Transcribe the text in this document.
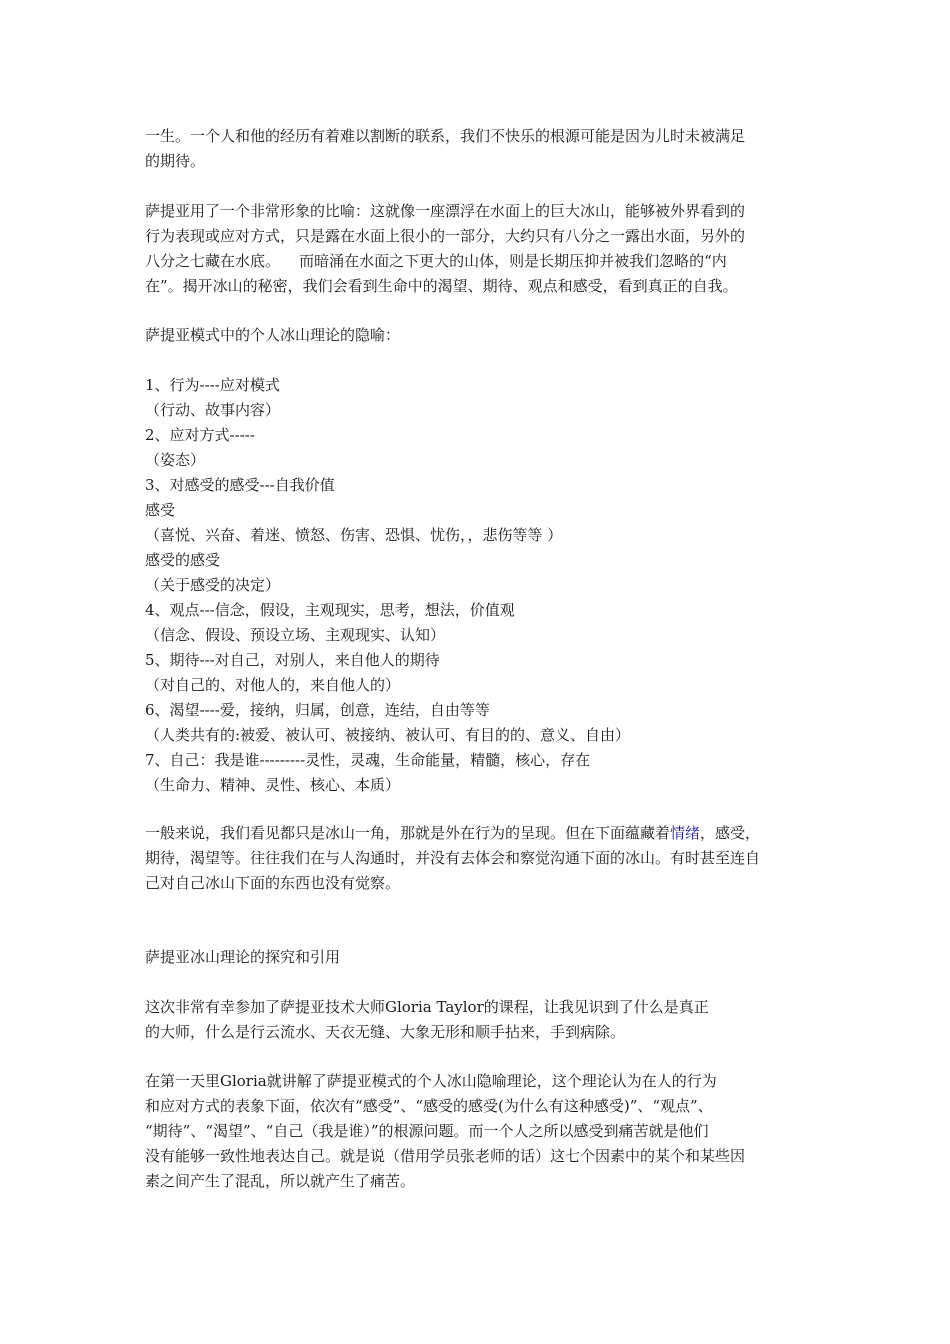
一生。一个人和他的经历有着难以割断的联系，我们不快乐的根源可能是因为儿时未被满足
的期待。
萨提亚用了一个非常形象的比喻：这就像一座漂浮在水面上的巨大冰山，能够被外界看到的
行为表现或应对方式，只是露在水面上很小的一部分，大约只有八分之一露出水面，另外的
八分之七藏在水底。    而暗涌在水面之下更大的山体，则是长期压抑并被我们忽略的“内
在”。揭开冰山的秘密，我们会看到生命中的渴望、期待、观点和感受，看到真正的自我。
萨提亚模式中的个人冰山理论的隐喻：
1、行为----应对模式
（行动、故事内容）
2、应对方式-----
（姿态）
3、对感受的感受---自我价值
感受
（喜悦、兴奋、着迷、愤怒、伤害、恐惧、忧伤，，悲伤等等 ）
感受的感受
（关于感受的决定）
4、观点---信念，假设，主观现实，思考，想法，价值观
（信念、假设、预设立场、主观现实、认知）
5、期待---对自己，对别人，来自他人的期待
（对自己的、对他人的，来自他人的）
6、渴望----爱，接纳，归属，创意，连结，自由等等
（人类共有的:被爱、被认可、被接纳、被认可、有目的的、意义、自由）
7、自己：我是谁---------灵性，灵魂，生命能量，精髓，核心，存在
（生命力、精神、灵性、核心、本质）
一般来说，我们看见都只是冰山一角，那就是外在行为的呈现。但在下面蕴藏着情绪，感受，
期待，渴望等。往往我们在与人沟通时，并没有去体会和察觉沟通下面的冰山。有时甚至连自
己对自己冰山下面的东西也没有觉察。
萨提亚冰山理论的探究和引用
这次非常有幸参加了萨提亚技术大师Gloria Taylor的课程，让我见识到了什么是真正
的大师，什么是行云流水、天衣无缝、大象无形和顺手拈来，手到病除。
在第一天里Gloria就讲解了萨提亚模式的个人冰山隐喻理论，这个理论认为在人的行为
和应对方式的表象下面，依次有“感受”、“感受的感受(为什么有这种感受)”、“观点”、
“期待”、“渴望”、“自己（我是谁）”的根源问题。而一个人之所以感受到痛苦就是他们
没有能够一致性地表达自己。就是说（借用学员张老师的话）这七个因素中的某个和某些因
素之间产生了混乱，所以就产生了痛苦。
